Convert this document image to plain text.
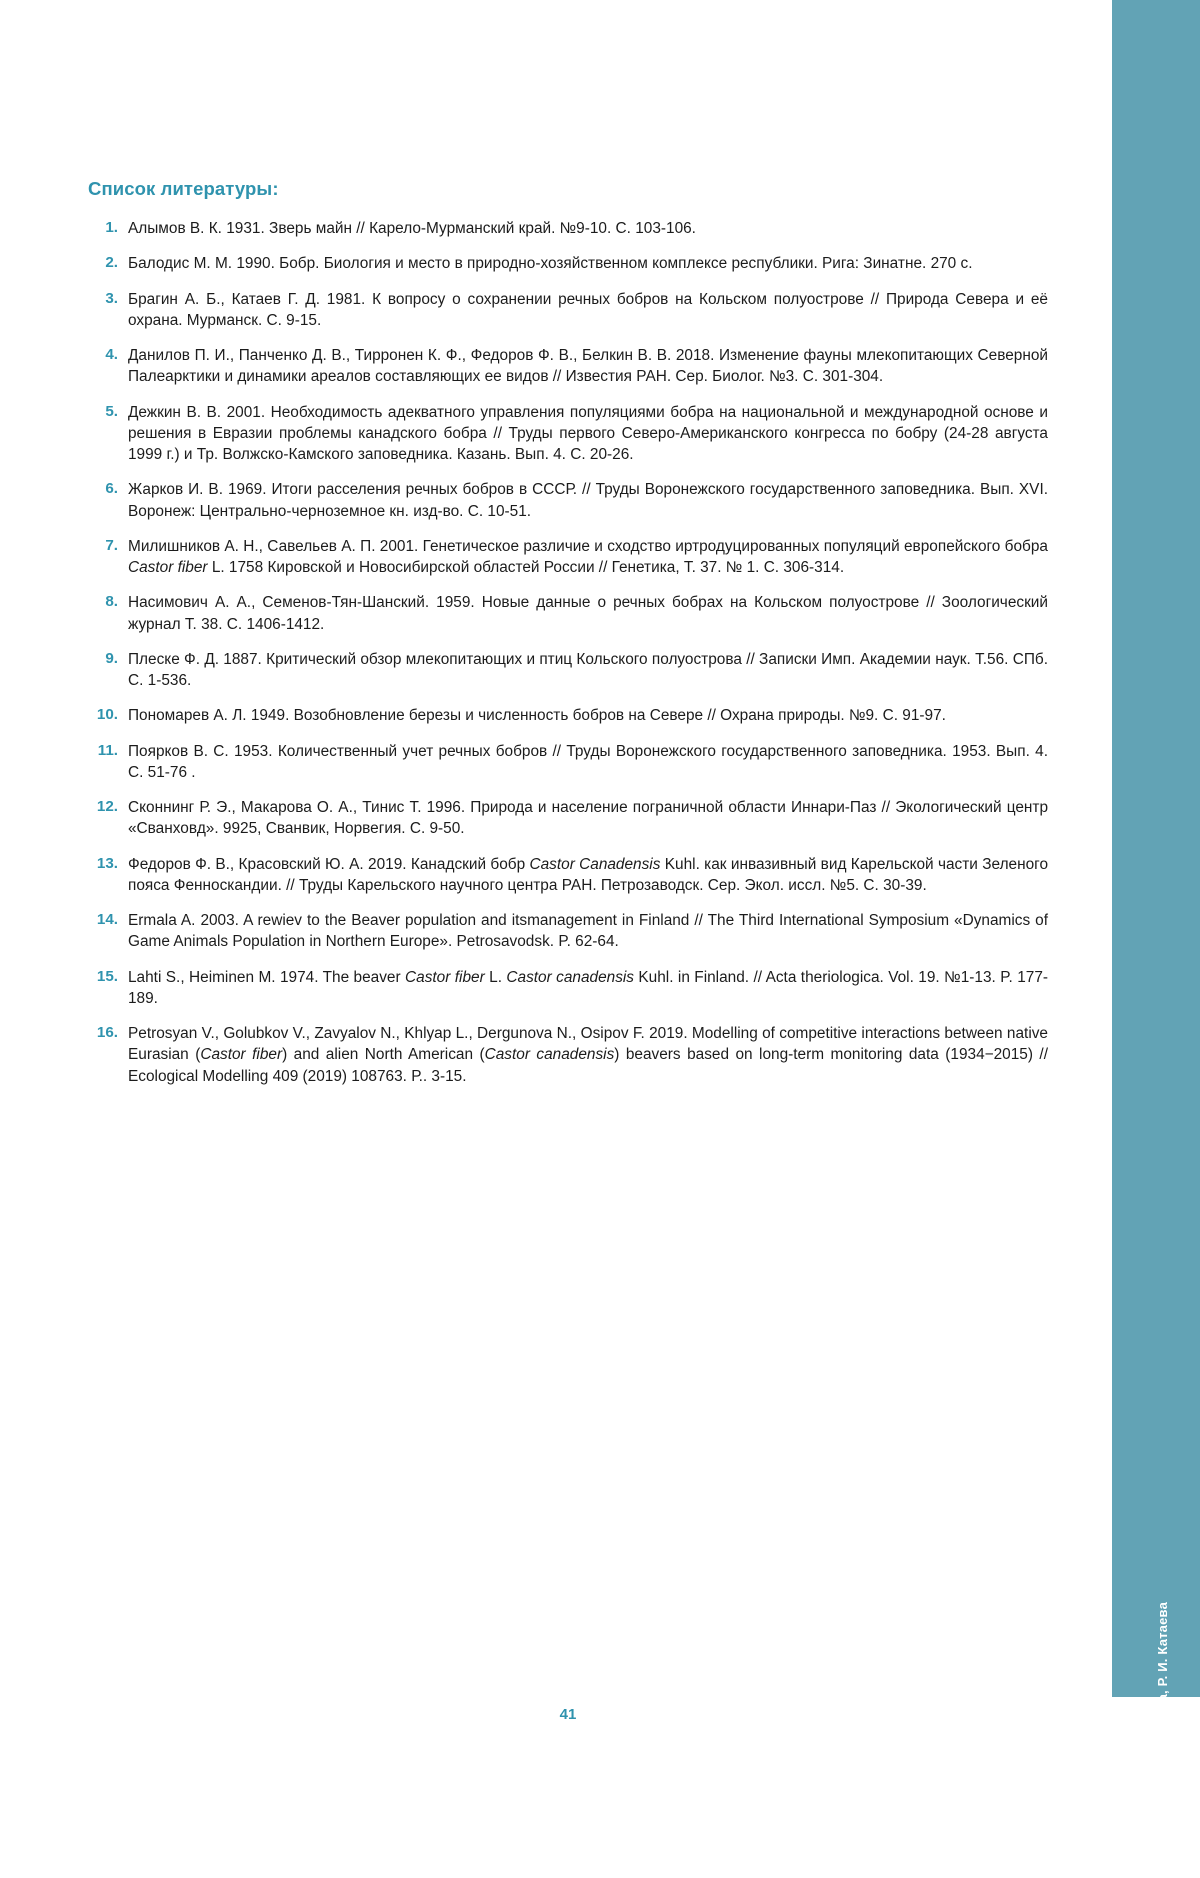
rio.ksc.ru/zhurnaly/vestnik
Г. Д. Катаев, М. Е. Каримова, Р. И. Катаева
Список литературы:
1. Алымов В. К. 1931. Зверь майн // Карело-Мурманский край. №9-10. С. 103-106.
2. Балодис М. М. 1990. Бобр. Биология и место в природно-хозяйственном комплексе республики. Рига: Зинатне. 270 с.
3. Брагин А. Б., Катаев Г. Д. 1981. К вопросу о сохранении речных бобров на Кольском полуострове // Природа Севера и её охрана. Мурманск. С. 9-15.
4. Данилов П. И., Панченко Д. В., Тирронен К. Ф., Федоров Ф. В., Белкин В. В. 2018. Изменение фауны млекопитающих Северной Палеарктики и динамики ареалов составляющих ее видов // Известия РАН. Сер. Биолог. №3. С. 301-304.
5. Дежкин В. В. 2001. Необходимость адекватного управления популяциями бобра на национальной и международной основе и решения в Евразии проблемы канадского бобра // Труды первого Северо-Американского конгресса по бобру (24-28 августа 1999 г.) и Тр. Волжско-Камского заповедника. Казань. Вып. 4. С. 20-26.
6. Жарков И. В. 1969. Итоги расселения речных бобров в СССР. // Труды Воронежского государственного заповедника. Вып. XVI. Воронеж: Центрально-черноземное кн. изд-во. С. 10-51.
7. Милишников А. Н., Савельев А. П. 2001. Генетическое различие и сходство иртродуцированных популяций европейского бобра Castor fiber L. 1758 Кировской и Новосибирской областей России // Генетика, Т. 37. № 1. С. 306-314.
8. Насимович А. А., Семенов-Тян-Шанский. 1959. Новые данные о речных бобрах на Кольском полуострове // Зоологический журнал Т. 38. С. 1406-1412.
9. Плеске Ф. Д. 1887. Критический обзор млекопитающих и птиц Кольского полуострова // Записки Имп. Академии наук. Т.56. СПб. С. 1-536.
10. Пономарев А. Л. 1949. Возобновление березы и численность бобров на Севере // Охрана природы. №9. С. 91-97.
11. Поярков В. С. 1953. Количественный учет речных бобров // Труды Воронежского государственного заповедника. 1953. Вып. 4. С. 51-76 .
12. Сконнинг Р. Э., Макарова О. А., Тинис Т. 1996. Природа и население пограничной области Иннари-Паз // Экологический центр «Сванховд». 9925, Сванвик, Норвегия. С. 9-50.
13. Федоров Ф. В., Красовский Ю. А. 2019. Канадский бобр Castor Canadensis Kuhl. как инвазивный вид Карельской части Зеленого пояса Фенноскандии. // Труды Карельского научного центра РАН. Петрозаводск. Сер. Экол. иссл. №5. С. 30-39.
14. Ermala A. 2003. A rewiev to the Beaver population and itsmanagement in Finland // The Third International Symposium «Dynamics of Game Animals Population in Northern Europe». Petrosavodsk. P. 62-64.
15. Lahti S., Heiminen M. 1974. The beaver Castor fiber L. Castor canadensis Kuhl. in Finland. // Acta theriologica. Vol. 19. №1-13. P. 177-189.
16. Petrosyan V., Golubkov V., Zavyalov N., Khlyap L., Dergunova N., Osipov F. 2019. Modelling of competitive interactions between native Eurasian (Castor fiber) and alien North American (Castor canadensis) beavers based on long-term monitoring data (1934−2015) // Ecological Modelling 409 (2019) 108763. Р.. 3-15.
41
